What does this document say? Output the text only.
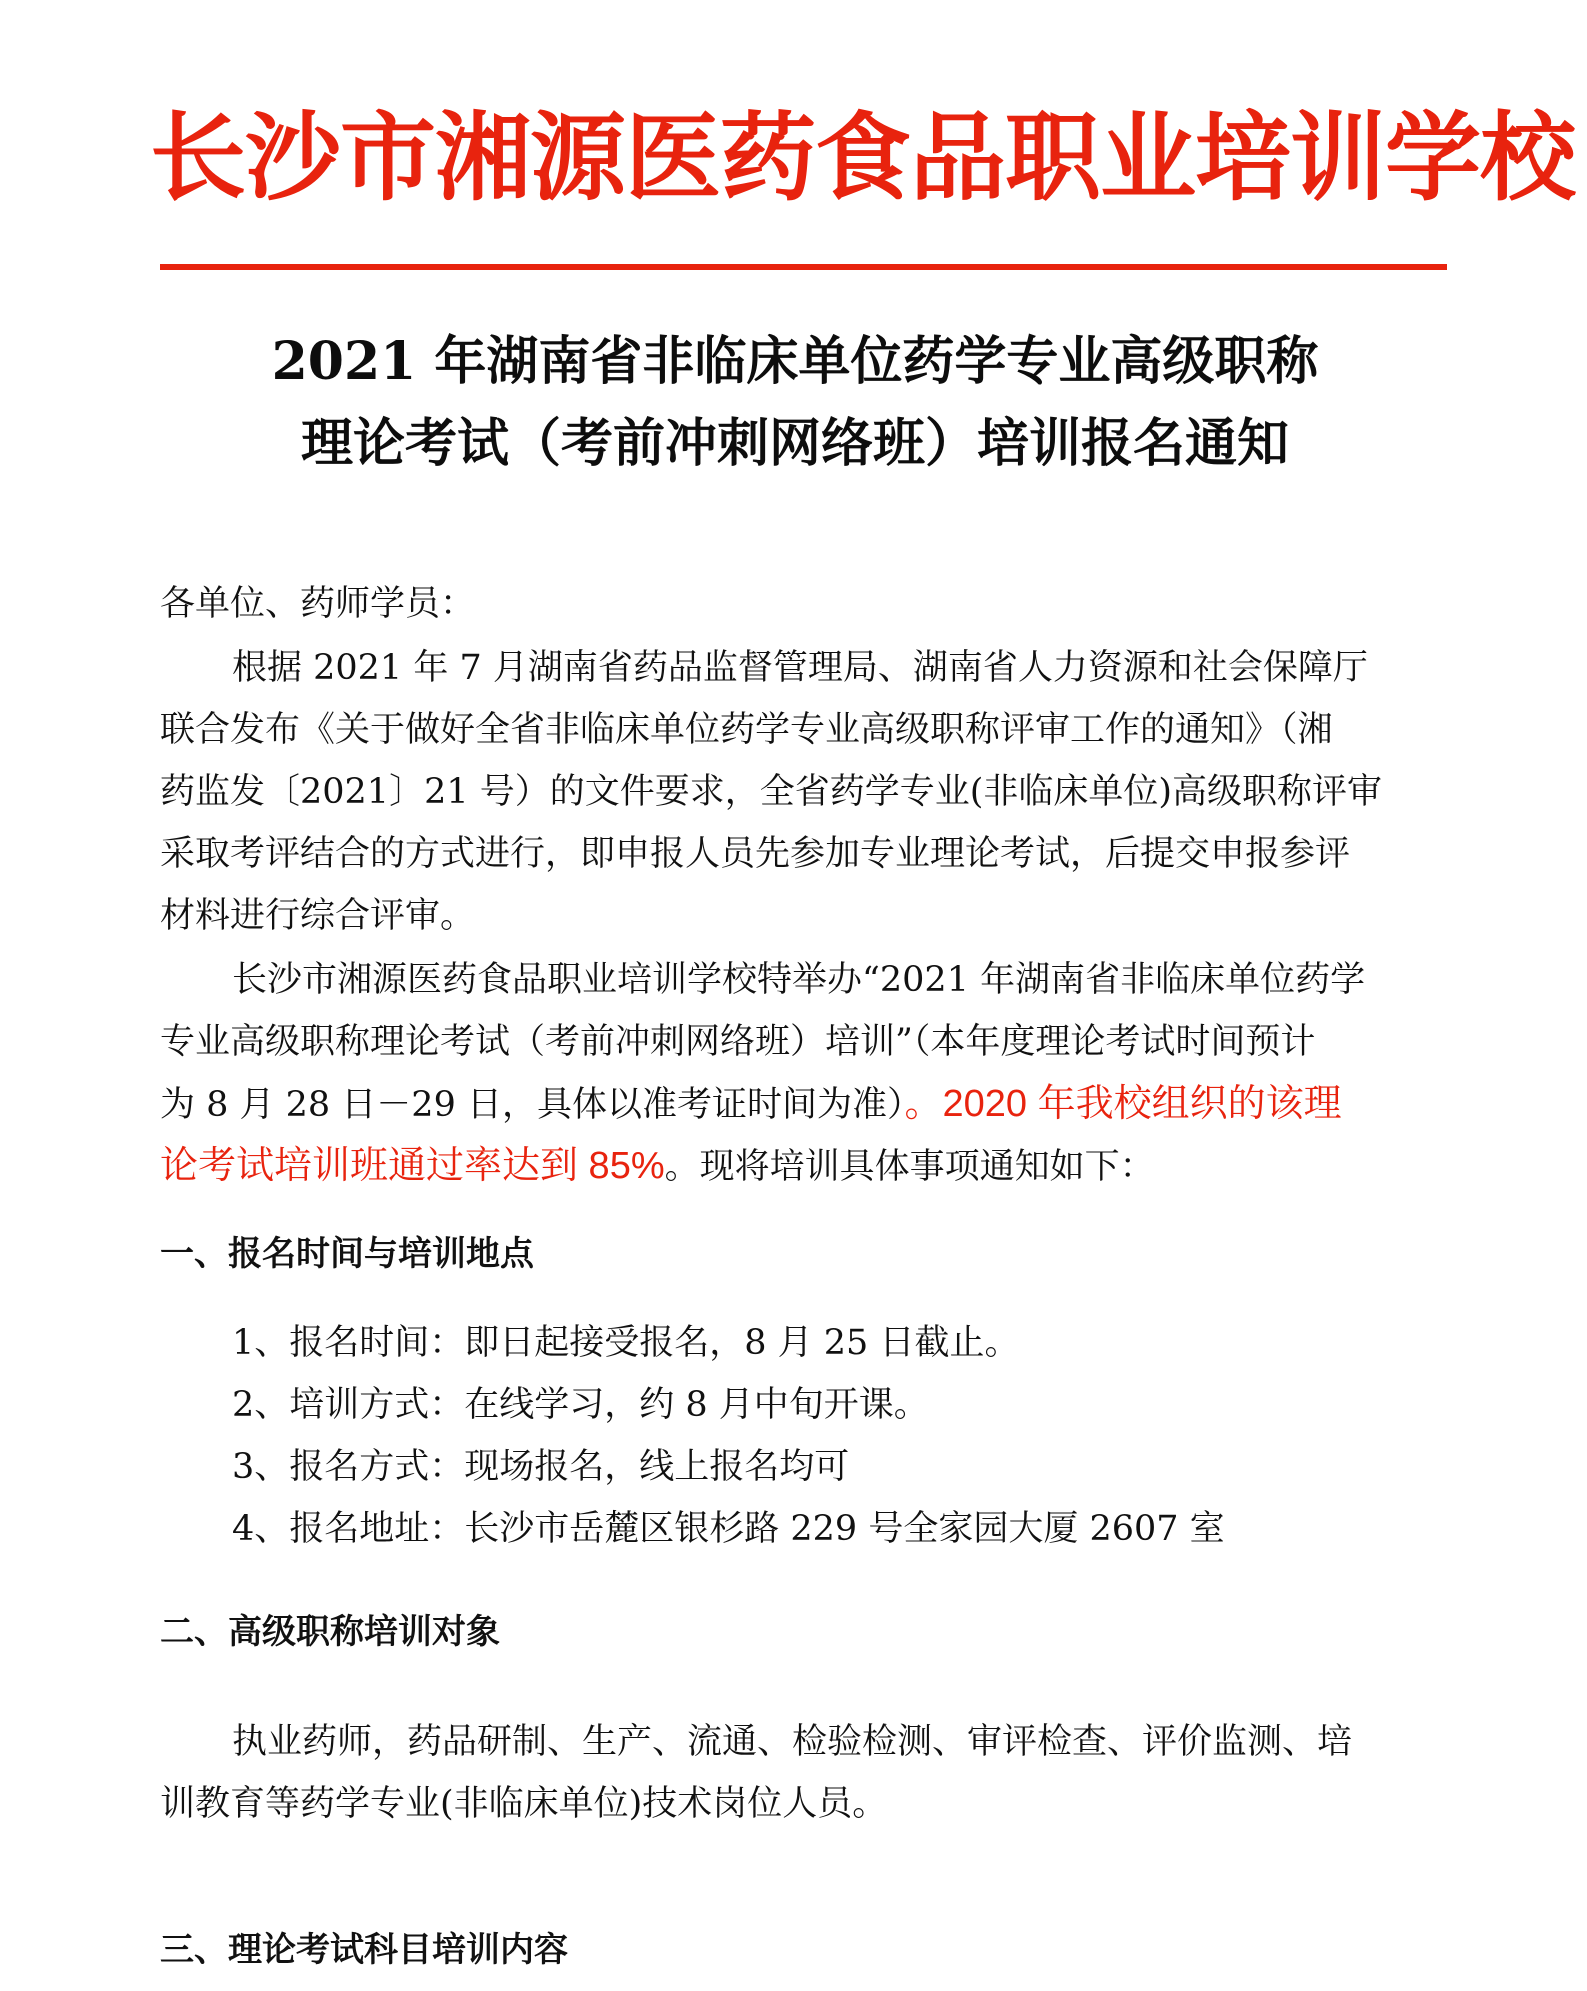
长沙市湘源医药食品职业培训学校
2021 年湖南省非临床单位药学专业高级职称
理论考试（考前冲刺网络班）培训报名通知
各单位、药师学员：
根据 2021 年 7 月湖南省药品监督管理局、湖南省人力资源和社会保障厅
联合发布《关于做好全省非临床单位药学专业高级职称评审工作的通知》（湘
药监发〔2021〕21 号）的文件要求，全省药学专业(非临床单位)高级职称评审
采取考评结合的方式进行，即申报人员先参加专业理论考试，后提交申报参评
材料进行综合评审。
长沙市湘源医药食品职业培训学校特举办“2021 年湖南省非临床单位药学
专业高级职称理论考试（考前冲刺网络班）培训”（本年度理论考试时间预计
为 8 月 28 日－29 日，具体以准考证时间为准）。2020 年我校组织的该理
论考试培训班通过率达到 85%。现将培训具体事项通知如下：
一、报名时间与培训地点
1、报名时间：即日起接受报名，8 月 25 日截止。
2、培训方式：在线学习，约 8 月中旬开课。
3、报名方式：现场报名，线上报名均可
4、报名地址：长沙市岳麓区银杉路 229 号全家园大厦 2607 室
二、高级职称培训对象
执业药师，药品研制、生产、流通、检验检测、审评检查、评价监测、培
训教育等药学专业(非临床单位)技术岗位人员。
三、理论考试科目培训内容
